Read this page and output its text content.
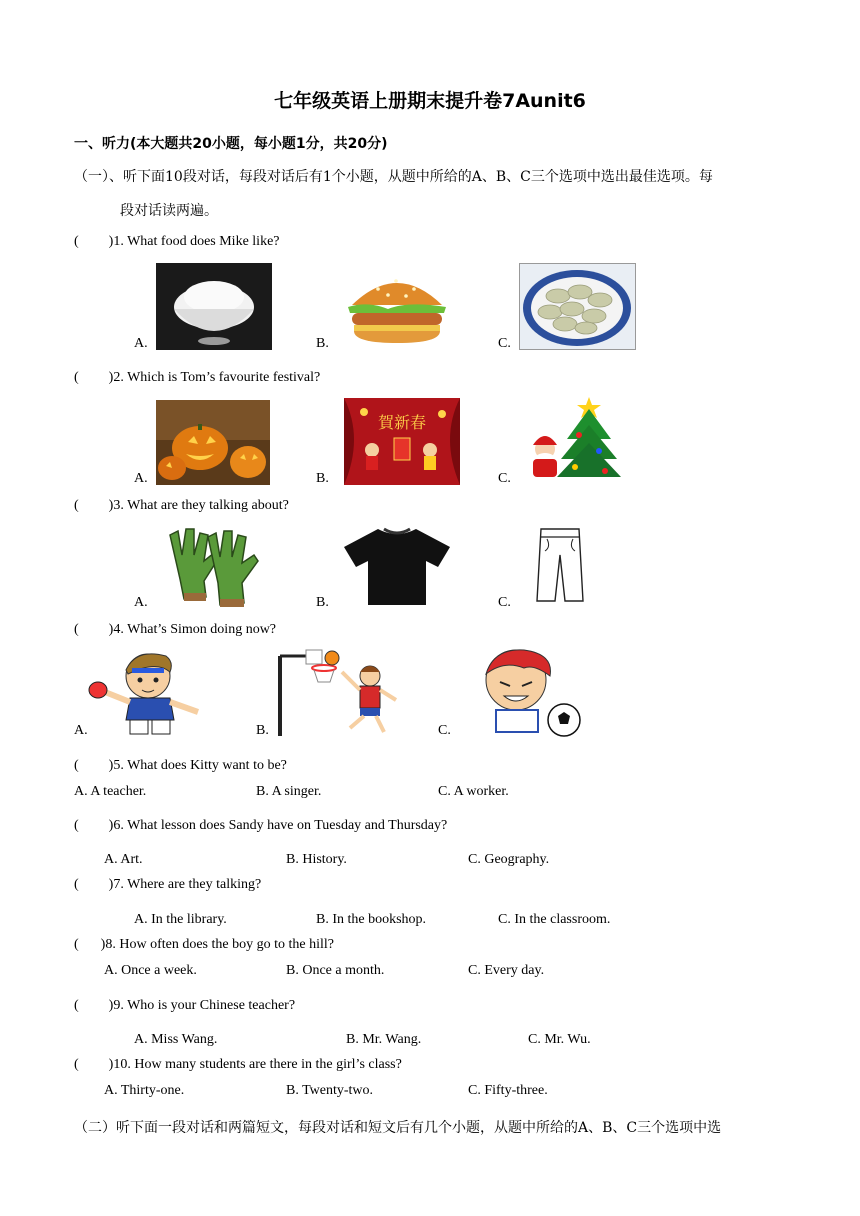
七年级英语上册期末提升卷7Aunit6
一、听力(本大题共20小题，每小题1分，共20分)
（一）、听下面10段对话，每段对话后有1个小题，从题中所给的A、B、C三个选项中选出最佳选项。每
段对话读两遍。
( )1. What food does Mike like?
A.	B.	C.
( )2. Which is Tom’s favourite festival?
A.	B.	C.
賀新春
( )3. What are they talking about?
A.	B.	C.
( )4. What’s Simon doing now?
A.	B.	C.
( )5. What does Kitty want to be?
A. A teacher.	B. A singer.	C. A worker.
( )6. What lesson does Sandy have on Tuesday and Thursday?
A. Art.	B. History.	C. Geography.
( )7. Where are they talking?
A. In the library.	B. In the bookshop.	C. In the classroom.
( )8. How often does the boy go to the hill?
A. Once a week.	B. Once a month.	C. Every day.
( )9. Who is your Chinese teacher?
A. Miss Wang.	B. Mr. Wang.	C. Mr. Wu.
( )10. How many students are there in the girl’s class?
A. Thirty-one.	B. Twenty-two.	C. Fifty-three.
（二）听下面一段对话和两篇短文，每段对话和短文后有几个小题，从题中所给的A、B、C三个选项中选
